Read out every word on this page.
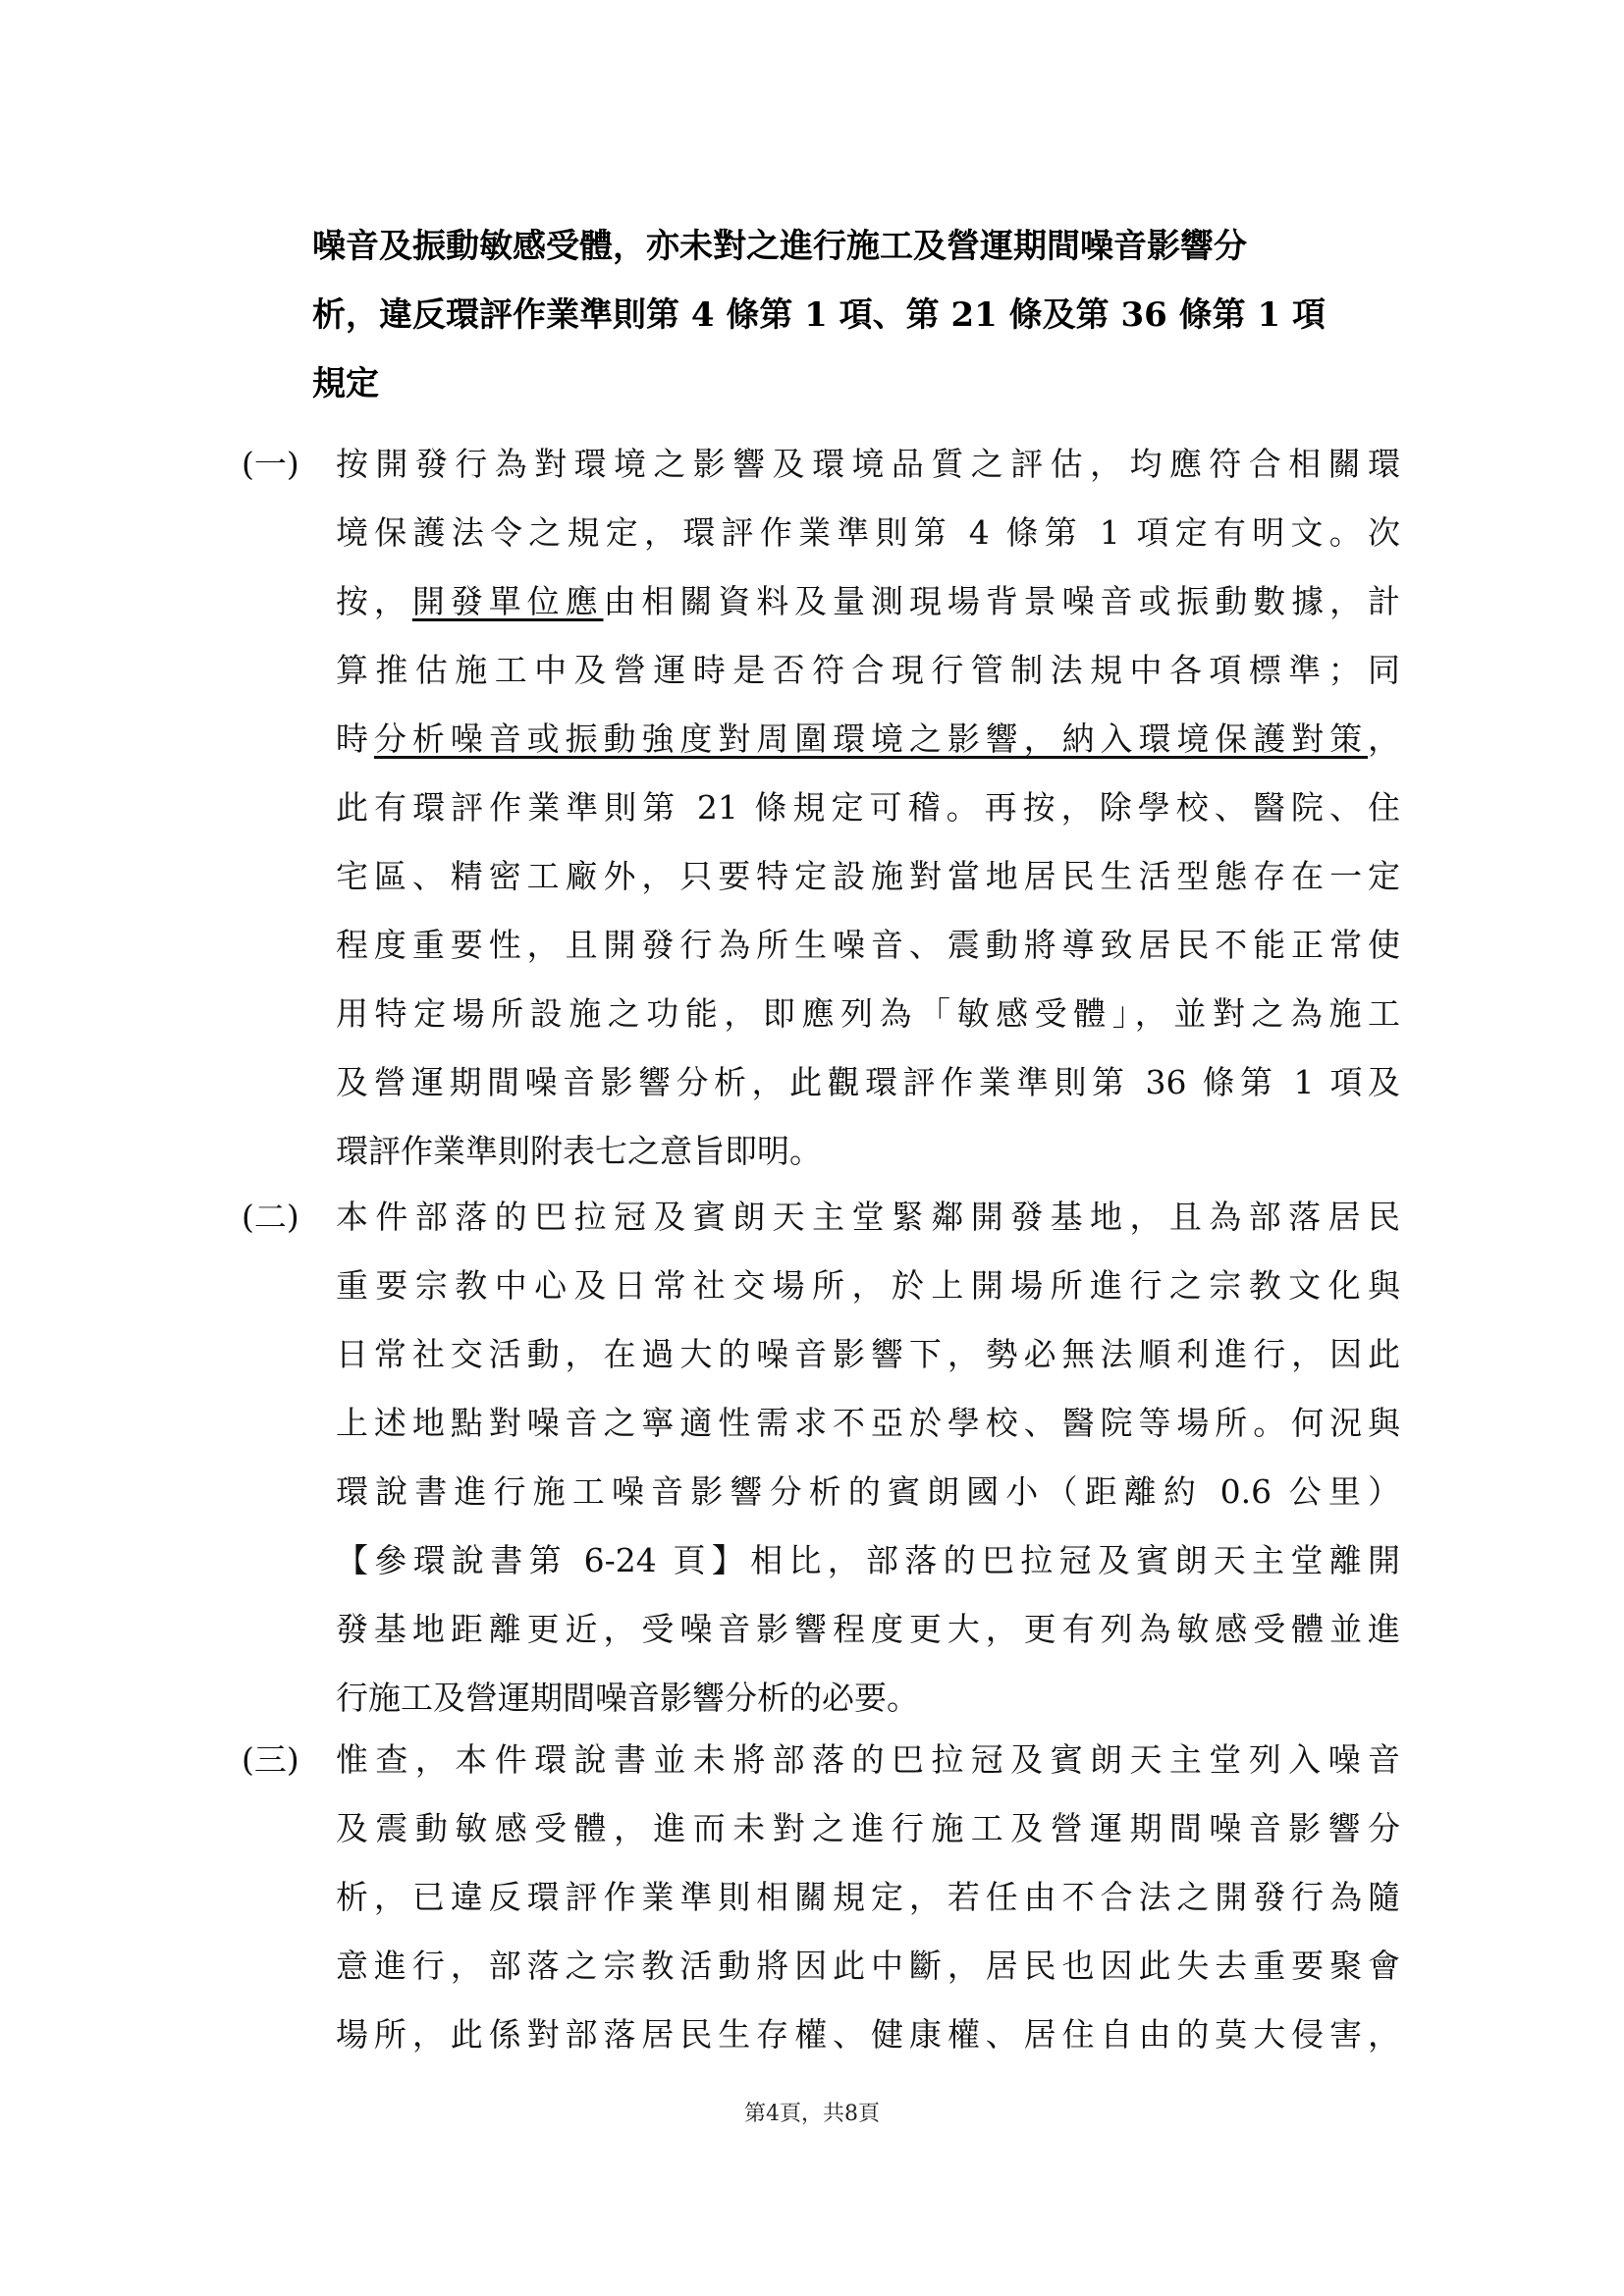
噪音及振動敏感受體，亦未對之進行施工及營運期間噪音影響分
析，違反環評作業準則第 4 條第 1 項、第 21 條及第 36 條第 1 項
規定
(一) 按開發行為對環境之影響及環境品質之評估，均應符合相關環
境保護法令之規定，環評作業準則第 4 條第 1 項定有明文。次
按，開發單位應由相關資料及量測現場背景噪音或振動數據，計
算推估施工中及營運時是否符合現行管制法規中各項標準；同
時分析噪音或振動強度對周圍環境之影響，納入環境保護對策，
此有環評作業準則第 21 條規定可稽。再按，除學校、醫院、住
宅區、精密工廠外，只要特定設施對當地居民生活型態存在一定
程度重要性，且開發行為所生噪音、震動將導致居民不能正常使
用特定場所設施之功能，即應列為「敏感受體」，並對之為施工
及營運期間噪音影響分析，此觀環評作業準則第 36 條第 1 項及
環評作業準則附表七之意旨即明。
(二) 本件部落的巴拉冠及賓朗天主堂緊鄰開發基地，且為部落居民
重要宗教中心及日常社交場所，於上開場所進行之宗教文化與
日常社交活動，在過大的噪音影響下，勢必無法順利進行，因此
上述地點對噪音之寧適性需求不亞於學校、醫院等場所。何況與
環說書進行施工噪音影響分析的賓朗國小（距離約 0.6 公里）
【參環說書第 6-24 頁】相比，部落的巴拉冠及賓朗天主堂離開
發基地距離更近，受噪音影響程度更大，更有列為敏感受體並進
行施工及營運期間噪音影響分析的必要。
(三) 惟查，本件環說書並未將部落的巴拉冠及賓朗天主堂列入噪音
及震動敏感受體，進而未對之進行施工及營運期間噪音影響分
析，已違反環評作業準則相關規定，若任由不合法之開發行為隨
意進行，部落之宗教活動將因此中斷，居民也因此失去重要聚會
場所，此係對部落居民生存權、健康權、居住自由的莫大侵害，
第4頁，共8頁
